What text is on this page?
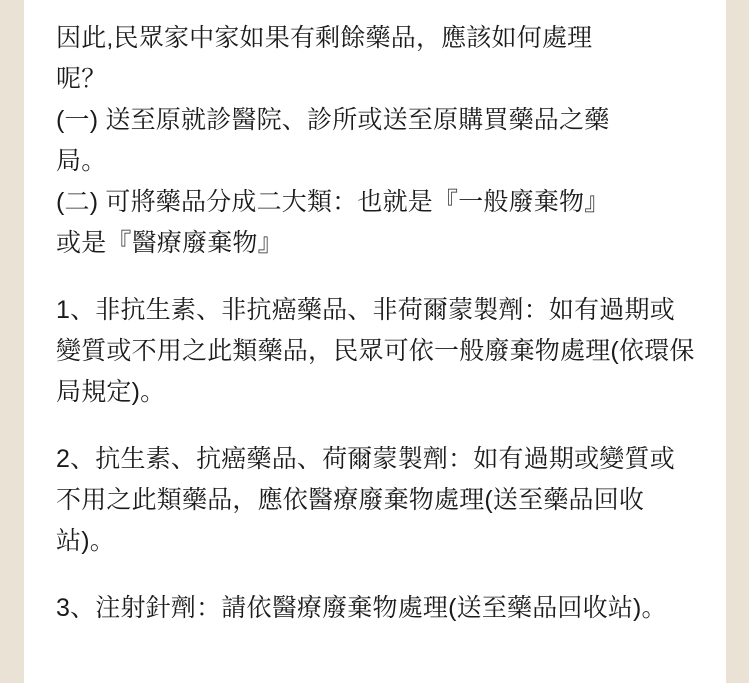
因此,民眾家中家如果有剩餘藥品，應該如何處理

呢？

(一) 送至原就診醫院、診所或送至原購買藥品之藥

局。

(二) 可將藥品分成二大類：也就是『一般廢棄物』

或是『醫療廢棄物』

1、非抗生素、非抗癌藥品、非荷爾蒙製劑：如有過期或變質或不用之此類藥品，民眾可依一般廢棄物處理(依環保局規定)。

2、抗生素、抗癌藥品、荷爾蒙製劑：如有過期或變質或不用之此類藥品，應依醫療廢棄物處理(送至藥品回收站)。

3、注射針劑：請依醫療廢棄物處理(送至藥品回收站)。
